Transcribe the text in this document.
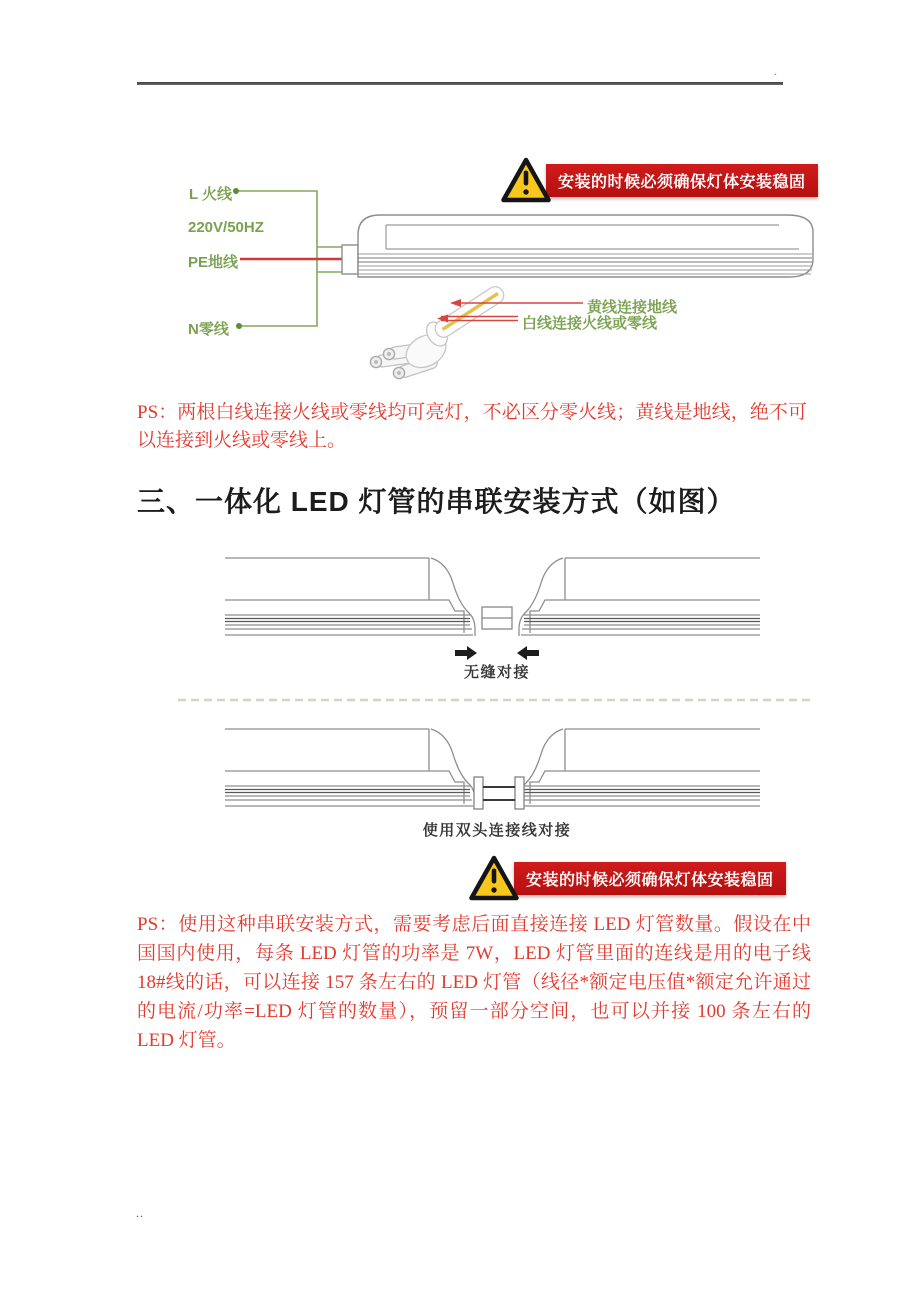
.
L 火线
220V/50HZ
PE地线
N零线
黄线连接地线
白线连接火线或零线
安装的时候必须确保灯体安装稳固
PS：两根白线连接火线或零线均可亮灯，不必区分零火线；黄线是地线，绝不可以连接到火线或零线上。
三、一体化 LED 灯管的串联安装方式（如图）
无缝对接
使用双头连接线对接
安装的时候必须确保灯体安装稳固
PS：使用这种串联安装方式，需要考虑后面直接连接 LED 灯管数量。假设在中国国内使用，每条 LED 灯管的功率是 7W，LED 灯管里面的连线是用的电子线 18#线的话，可以连接 157 条左右的 LED 灯管（线径*额定电压值*额定允许通过的电流/功率=LED 灯管的数量），预留一部分空间，也可以并接 100 条左右的 LED 灯管。
..
